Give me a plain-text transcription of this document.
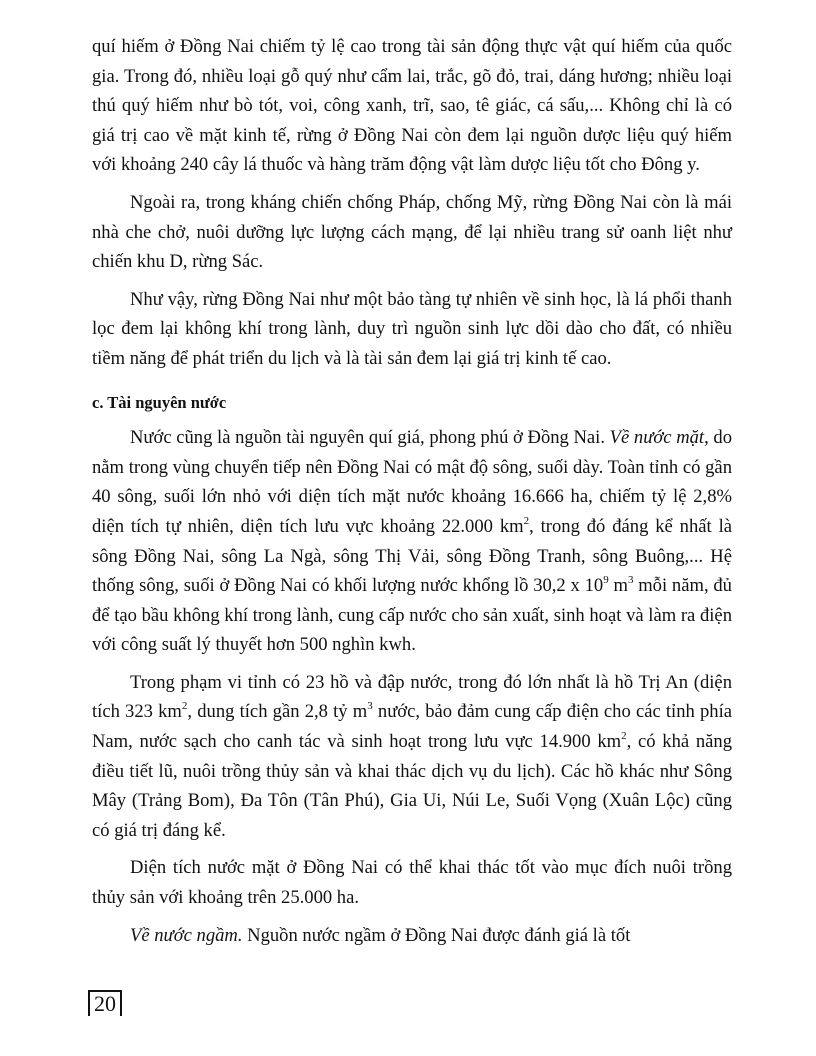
quí hiếm ở Đồng Nai chiếm tỷ lệ cao trong tài sản động thực vật quí hiếm của quốc gia. Trong đó, nhiều loại gỗ quý như cẩm lai, trắc, gõ đỏ, trai, dáng hương; nhiều loại thú quý hiếm như bò tót, voi, công xanh, trĩ, sao, tê giác, cá sấu,... Không chỉ là có giá trị cao về mặt kinh tế, rừng ở Đồng Nai còn đem lại nguồn dược liệu quý hiếm với khoảng 240 cây lá thuốc và hàng trăm động vật làm dược liệu tốt cho Đông y.

Ngoài ra, trong kháng chiến chống Pháp, chống Mỹ, rừng Đồng Nai còn là mái nhà che chở, nuôi dưỡng lực lượng cách mạng, để lại nhiều trang sử oanh liệt như chiến khu D, rừng Sác.

Như vậy, rừng Đồng Nai như một bảo tàng tự nhiên về sinh học, là lá phổi thanh lọc đem lại không khí trong lành, duy trì nguồn sinh lực dồi dào cho đất, có nhiều tiềm năng để phát triển du lịch và là tài sản đem lại giá trị kinh tế cao.

c. Tài nguyên nước

Nước cũng là nguồn tài nguyên quí giá, phong phú ở Đồng Nai. Về nước mặt, do nằm trong vùng chuyển tiếp nên Đồng Nai có mật độ sông, suối dày. Toàn tỉnh có gần 40 sông, suối lớn nhỏ với diện tích mặt nước khoảng 16.666 ha, chiếm tỷ lệ 2,8% diện tích tự nhiên, diện tích lưu vực khoảng 22.000 $km^2$, trong đó đáng kể nhất là sông Đồng Nai, sông La Ngà, sông Thị Vải, sông Đồng Tranh, sông Buông,... Hệ thống sông, suối ở Đồng Nai có khối lượng nước khổng lồ 30,2 x $10^9$ $m^3$ mỗi năm, đủ để tạo bầu không khí trong lành, cung cấp nước cho sản xuất, sinh hoạt và làm ra điện với công suất lý thuyết hơn 500 nghìn kwh.

Trong phạm vi tỉnh có 23 hồ và đập nước, trong đó lớn nhất là hồ Trị An (diện tích 323 $km^2$, dung tích gần 2,8 tỷ $m^3$ nước, bảo đảm cung cấp điện cho các tỉnh phía Nam, nước sạch cho canh tác và sinh hoạt trong lưu vực 14.900 $km^2$, có khả năng điều tiết lũ, nuôi trồng thủy sản và khai thác dịch vụ du lịch). Các hồ khác như Sông Mây (Trảng Bom), Đa Tôn (Tân Phú), Gia Ui, Núi Le, Suối Vọng (Xuân Lộc) cũng có giá trị đáng kể.

Diện tích nước mặt ở Đồng Nai có thể khai thác tốt vào mục đích nuôi trồng thủy sản với khoảng trên 25.000 ha.

Về nước ngầm. Nguồn nước ngầm ở Đồng Nai được đánh giá là tốt

20
